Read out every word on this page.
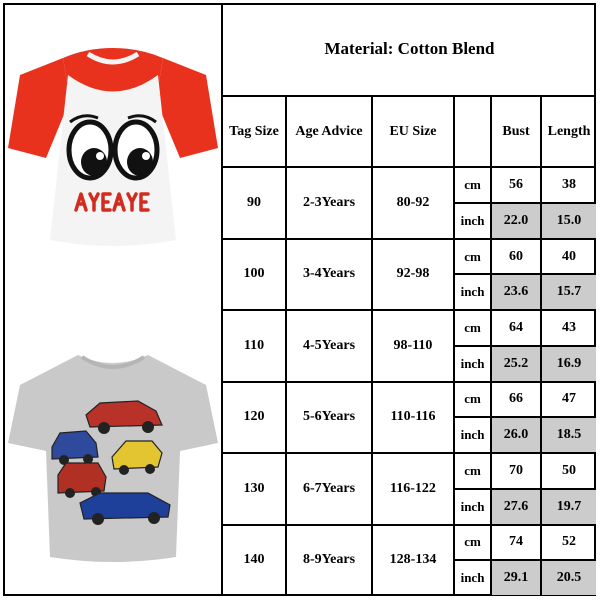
Material: Cotton Blend					
Tag Size	Age Advice	EU Size		Bust	Length
90	2-3Years	80-92	cm	56	38
			inch	22.0	15.0
100	3-4Years	92-98	cm	60	40
			inch	23.6	15.7
110	4-5Years	98-110	cm	64	43
			inch	25.2	16.9
120	5-6Years	110-116	cm	66	47
			inch	26.0	18.5
130	6-7Years	116-122	cm	70	50
			inch	27.6	19.7
140	8-9Years	128-134	cm	74	52
			inch	29.1	20.5
